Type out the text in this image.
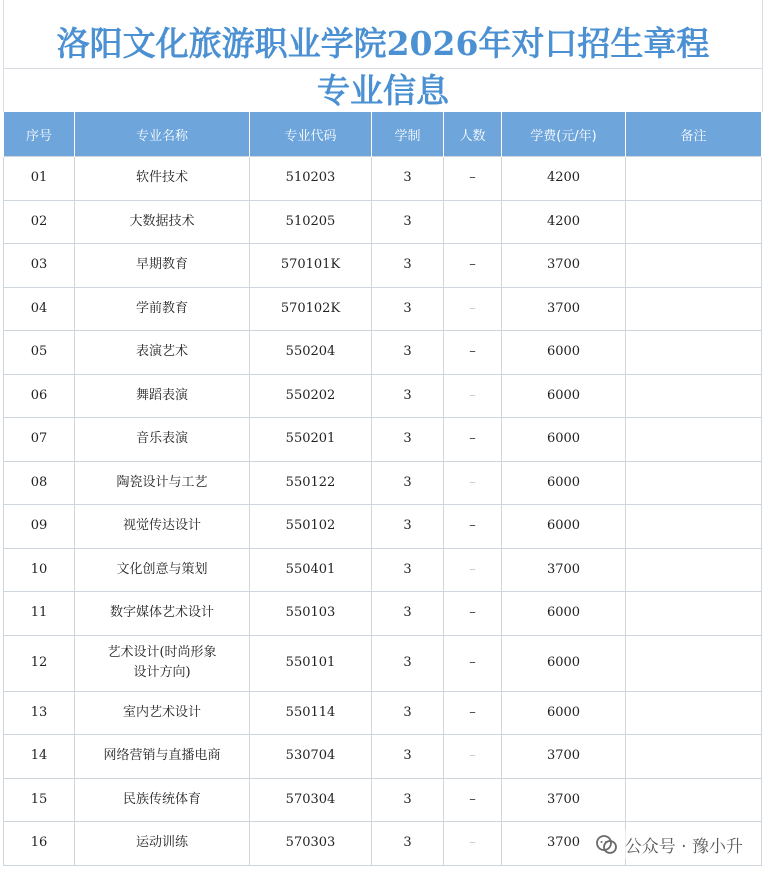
洛阳文化旅游职业学院2026年对口招生章程
专业信息
序号	专业名称	专业代码	学制	人数	学费(元/年)	备注
01	软件技术	510203	3	–	4200	
02	大数据技术	510205	3		4200	
03	早期教育	570101K	3	–	3700	
04	学前教育	570102K	3	–	3700	
05	表演艺术	550204	3	–	6000	
06	舞蹈表演	550202	3	–	6000	
07	音乐表演	550201	3	–	6000	
08	陶瓷设计与工艺	550122	3	–	6000	
09	视觉传达设计	550102	3	–	6000	
10	文化创意与策划	550401	3	–	3700	
11	数字媒体艺术设计	550103	3	–	6000	
12	艺术设计(时尚形象设计方向)	550101	3	–	6000	
13	室内艺术设计	550114	3	–	6000	
14	网络营销与直播电商	530704	3	–	3700	
15	民族传统体育	570304	3	–	3700	
16	运动训练	570303	3	–	3700		公众号 · 豫小升
